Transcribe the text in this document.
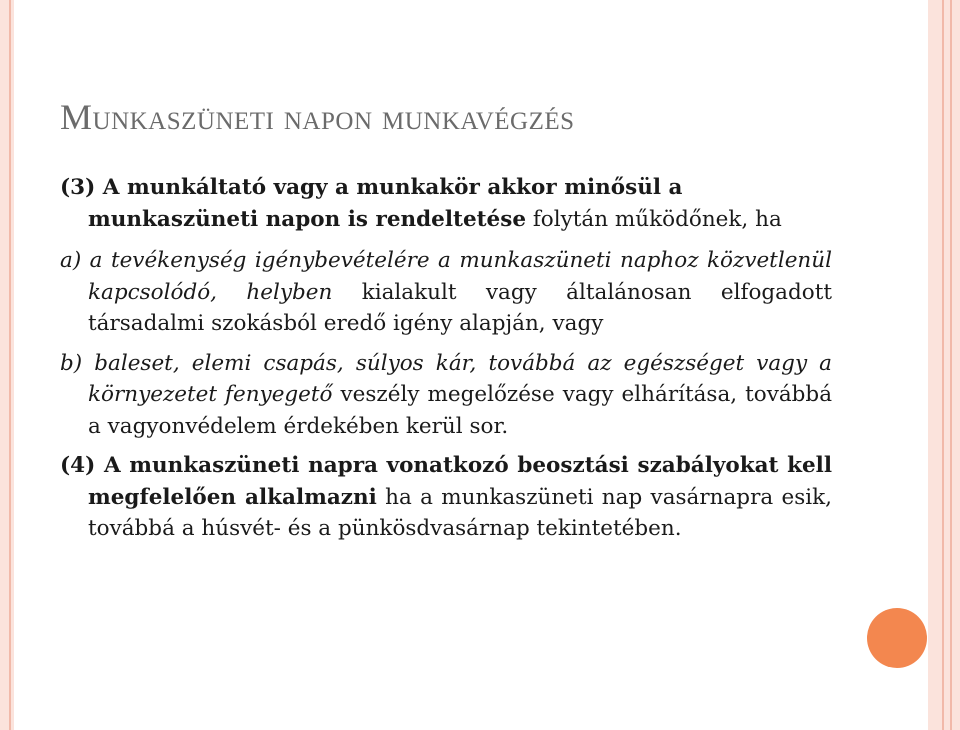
Munkaszüneti napon munkavégzés
(3) A munkáltató vagy a munkakör akkor minősül a munkaszüneti napon is rendeltetése folytán működőnek, ha
a) a tevékenység igénybevételére a munkaszüneti naphoz közvetlenül kapcsolódó, helyben kialakult vagy általánosan elfogadott társadalmi szokásból eredő igény alapján, vagy
b) baleset, elemi csapás, súlyos kár, továbbá az egészséget vagy a környezetet fenyegető veszély megelőzése vagy elhárítása, továbbá a vagyonvédelem érdekében kerül sor.
(4) A munkaszüneti napra vonatkozó beosztási szabályokat kell megfelelően alkalmazni ha a munkaszüneti nap vasárnapra esik, továbbá a húsvét- és a pünkösdvasárnap tekintetében.
